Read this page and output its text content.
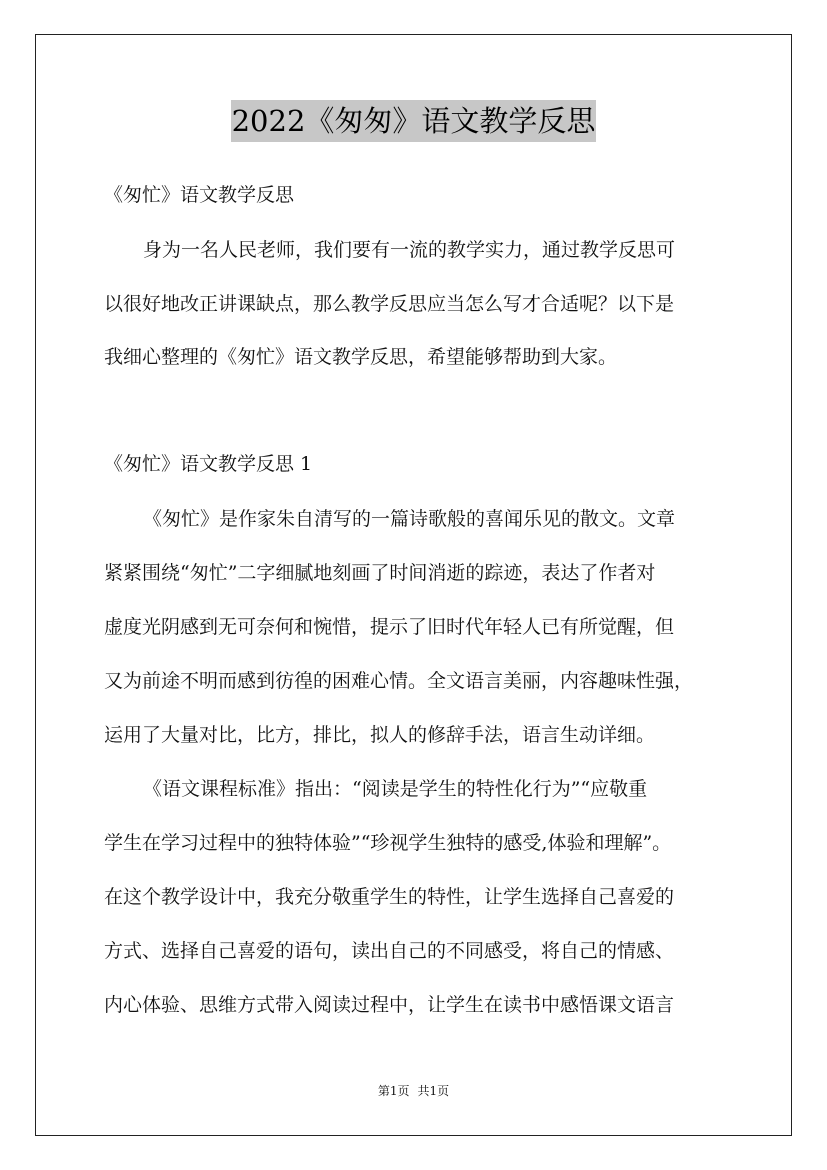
2022《匆匆》语文教学反思
《匆忙》语文教学反思
身为一名人民老师，我们要有一流的教学实力，通过教学反思可
以很好地改正讲课缺点，那么教学反思应当怎么写才合适呢？以下是
我细心整理的《匆忙》语文教学反思，希望能够帮助到大家。
《匆忙》语文教学反思 1
《匆忙》是作家朱自清写的一篇诗歌般的喜闻乐见的散文。文章
紧紧围绕“匆忙”二字细腻地刻画了时间消逝的踪迹，表达了作者对
虚度光阴感到无可奈何和惋惜，提示了旧时代年轻人已有所觉醒，但
又为前途不明而感到彷徨的困难心情。全文语言美丽，内容趣味性强，
运用了大量对比，比方，排比，拟人的修辞手法，语言生动详细。
《语文课程标准》指出：“阅读是学生的特性化行为”“应敬重
学生在学习过程中的独特体验”“珍视学生独特的感受,体验和理解”。
在这个教学设计中，我充分敬重学生的特性，让学生选择自己喜爱的
方式、选择自己喜爱的语句，读出自己的不同感受，将自己的情感、
内心体验、思维方式带入阅读过程中，让学生在读书中感悟课文语言
第1页 共1页
